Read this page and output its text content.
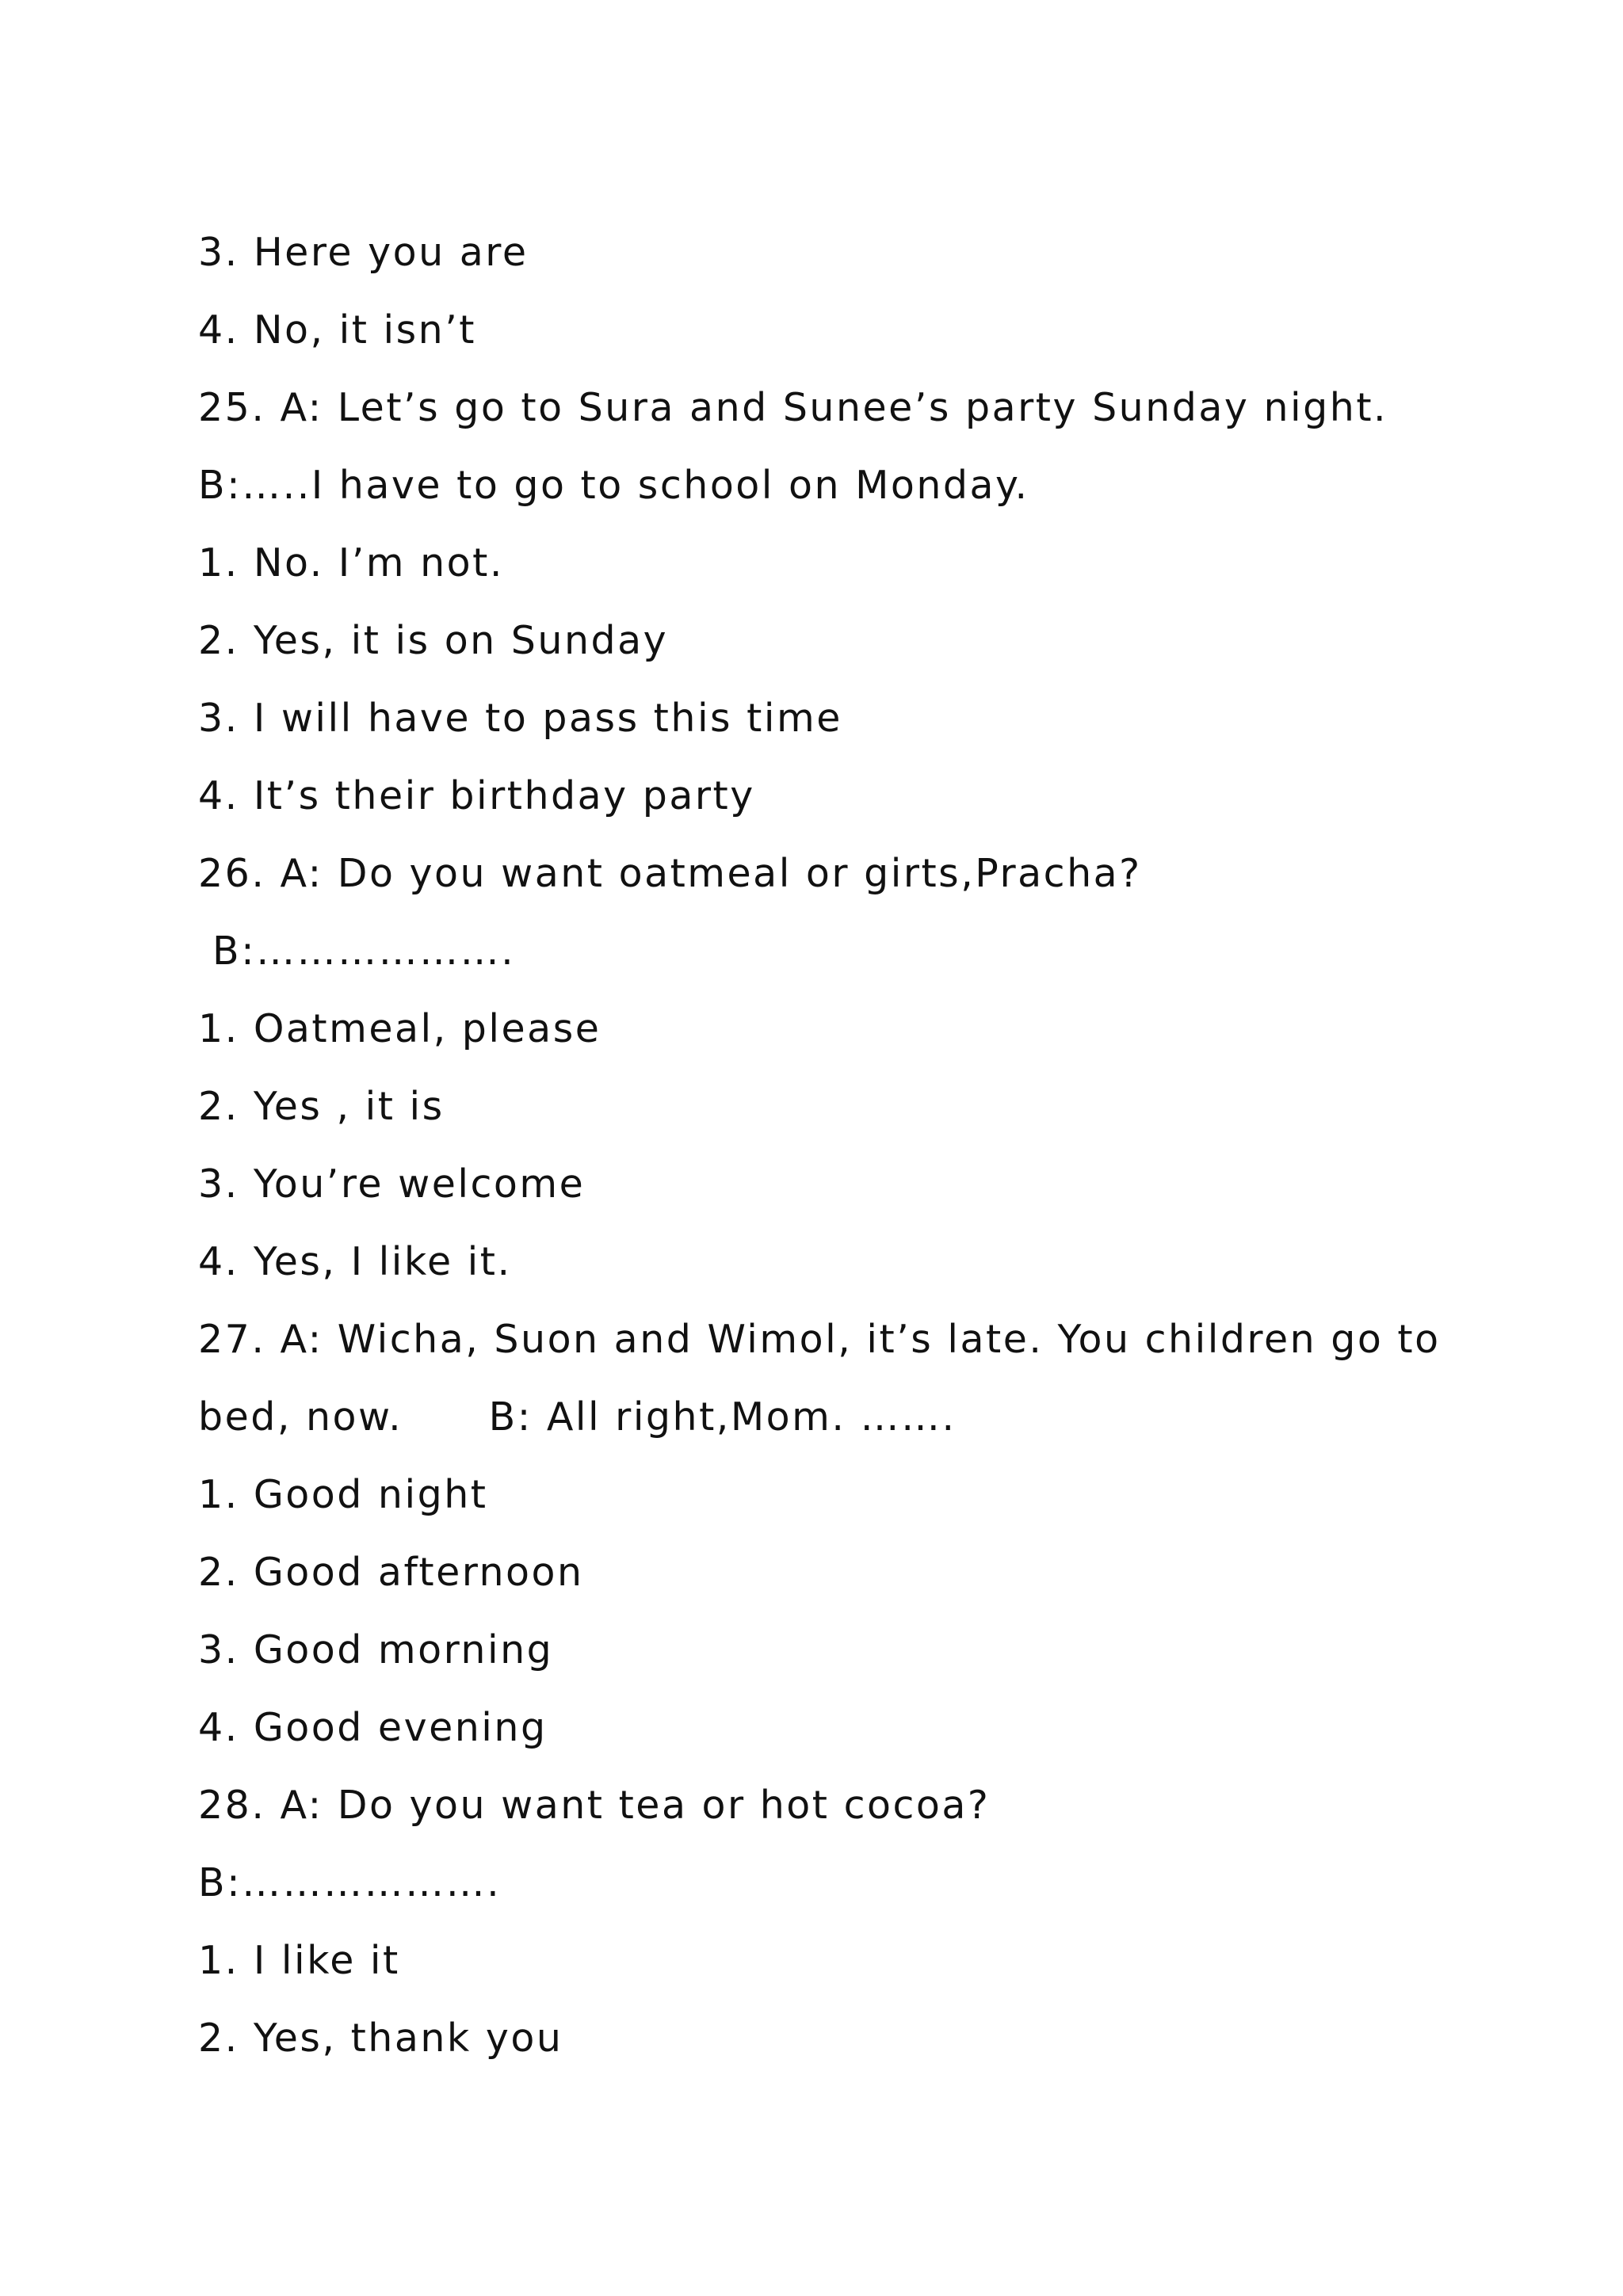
3. Here you are
4. No, it isn’t
25. A: Let’s go to Sura and Sunee’s party Sunday night.
B:…..I have to go to school on Monday.
1. No. I’m not.
2. Yes, it is on Sunday
3. I will have to pass this time
4. It’s their birthday party
26. A: Do you want oatmeal or girts,Pracha?
B:……………….
1. Oatmeal, please
2. Yes , it is
3. You’re welcome
4. Yes, I like it.
27. A: Wicha, Suon and Wimol, it’s late. You children go to
bed, now.      B: All right,Mom. …….
1. Good night
2. Good afternoon
3. Good morning
4. Good evening
28. A: Do you want tea or hot cocoa?
B:……………….
1. I like it
2. Yes, thank you
